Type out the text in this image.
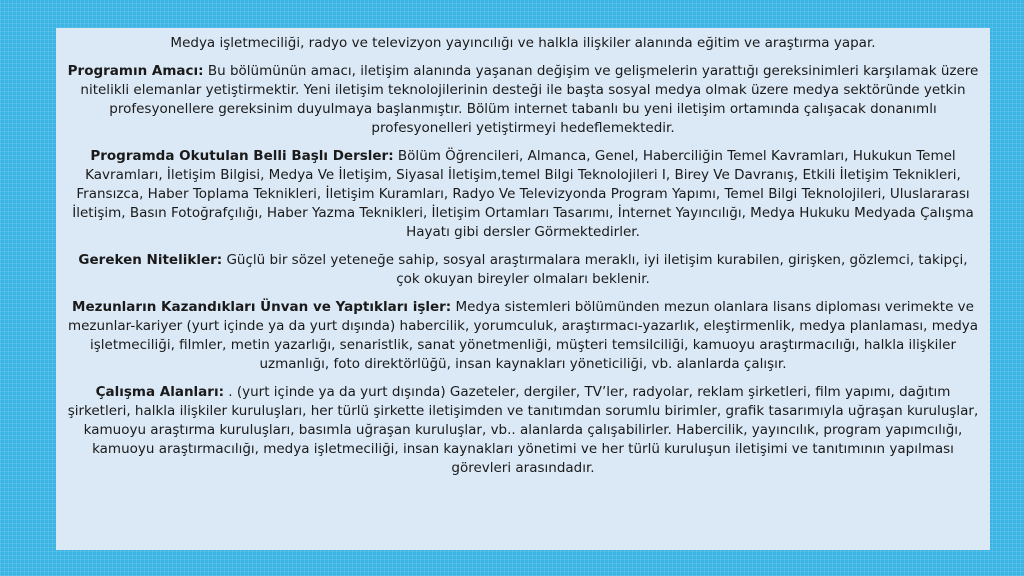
Medya işletmeciliği, radyo ve televizyon yayıncılığı ve halkla ilişkiler alanında eğitim ve araştırma yapar.

Programın Amacı: Bu bölümünün amacı, iletişim alanında yaşanan değişim ve gelişmelerin yarattığı gereksinimleri karşılamak üzere nitelikli elemanlar yetiştirmektir. Yeni iletişim teknolojilerinin desteği ile başta sosyal medya olmak üzere medya sektöründe yetkin profesyonellere gereksinim duyulmaya başlanmıştır. Bölüm internet tabanlı bu yeni iletişim ortamında çalışacak donanımlı profesyonelleri yetiştirmeyi hedeflemektedir.

Programda Okutulan Belli Başlı Dersler: Bölüm Öğrencileri, Almanca, Genel, Haberciliğin Temel Kavramları, Hukukun Temel Kavramları, İletişim Bilgisi, Medya Ve İletişim, Siyasal İletişim,temel Bilgi Teknolojileri I, Birey Ve Davranış, Etkili İletişim Teknikleri, Fransızca, Haber Toplama Teknikleri, İletişim Kuramları, Radyo Ve Televizyonda Program Yapımı, Temel Bilgi Teknolojileri, Uluslararası İletişim, Basın Fotoğrafçılığı, Haber Yazma Teknikleri, İletişim Ortamları Tasarımı, İnternet Yayıncılığı, Medya Hukuku Medyada Çalışma Hayatı gibi dersler Görmektedirler.

Gereken Nitelikler: Güçlü bir sözel yeteneğe sahip, sosyal araştırmalara meraklı, iyi iletişim kurabilen, girişken, gözlemci, takipçi, çok okuyan bireyler olmaları beklenir.

Mezunların Kazandıkları Ünvan ve Yaptıkları işler: Medya sistemleri bölümünden mezun olanlara lisans diploması verimekte ve mezunlar-kariyer (yurt içinde ya da yurt dışında) habercilik, yorumculuk, araştırmacı-yazarlık, eleştirmenlik, medya planlaması, medya işletmeciliği, filmler, metin yazarlığı, senaristlik, sanat yönetmenliği, müşteri temsilciliği, kamuoyu araştırmacılığı, halkla ilişkiler uzmanlığı, foto direktörlüğü, insan kaynakları yöneticiliği, vb. alanlarda çalışır.

Çalışma Alanları: . (yurt içinde ya da yurt dışında) Gazeteler, dergiler, TV’ler, radyolar, reklam şirketleri, film yapımı, dağıtım şirketleri, halkla ilişkiler kuruluşları, her türlü şirkette iletişimden ve tanıtımdan sorumlu birimler, grafik tasarımıyla uğraşan kuruluşlar, kamuoyu araştırma kuruluşları, basımla uğraşan kuruluşlar, vb.. alanlarda çalışabilirler. Habercilik, yayıncılık, program yapımcılığı, kamuoyu araştırmacılığı, medya işletmeciliği, insan kaynakları yönetimi ve her türlü kuruluşun iletişimi ve tanıtımının yapılması görevleri arasındadır.
